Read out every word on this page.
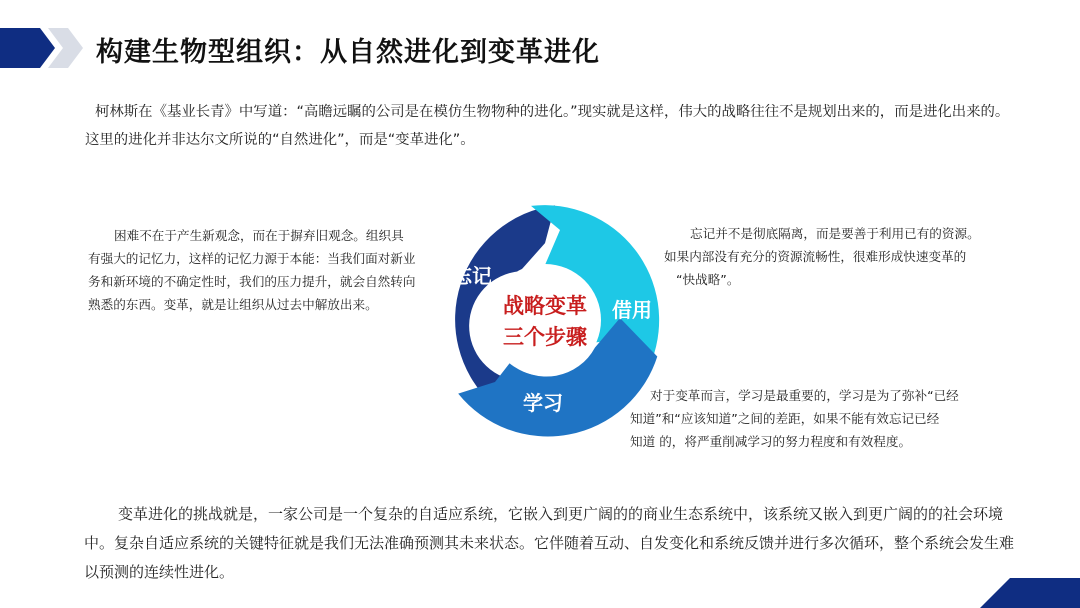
构建生物型组织：从自然进化到变革进化
柯林斯在《基业长青》中写道：“高瞻远瞩的公司是在模仿生物物种的进化。”现实就是这样，伟大的战略往往不是规划出来的，而是进化出来的。这里的进化并非达尔文所说的“自然进化”，而是“变革进化”。
困难不在于产生新观念，而在于摒弃旧观念。组织具有强大的记忆力，这样的记忆力源于本能：当我们面对新业务和新环境的不确定性时，我们的压力提升，就会自然转向熟悉的东西。变革，就是让组织从过去中解放出来。
忘记并不是彻底隔离，而是要善于利用已有的资源。
如果内部没有充分的资源流畅性，很难形成快速变革的
“快战略”。
对于变革而言，学习是最重要的，学习是为了弥补“已经
知道”和“应该知道”之间的差距，如果不能有效忘记已经
知道 的，将严重削减学习的努力程度和有效程度。
战略变革
三个步骤
忘记
借用
学习
变革进化的挑战就是，一家公司是一个复杂的自适应系统，它嵌入到更广阔的的商业生态系统中，该系统又嵌入到更广阔的的社会环境中。复杂自适应系统的关键特征就是我们无法准确预测其未来状态。它伴随着互动、自发变化和系统反馈并进行多次循环，整个系统会发生难以预测的连续性进化。
